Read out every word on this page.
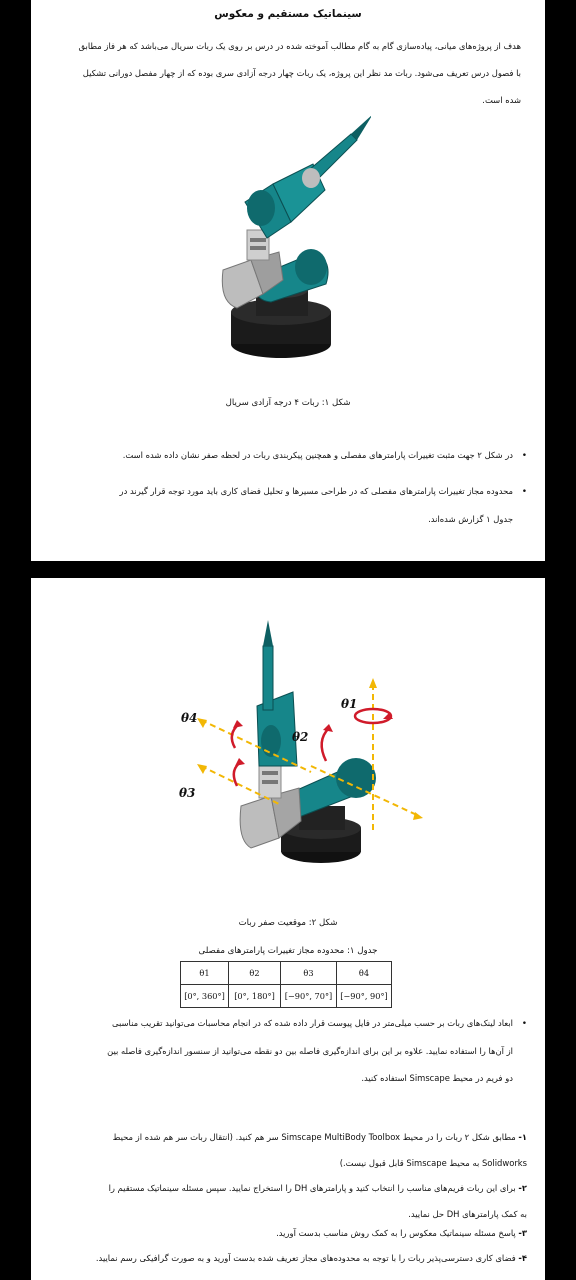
سینماتیک مستقیم و معکوس
هدف از پروژه‌های میانی، پیاده‌سازی گام به گام مطالب آموخته شده در درس بر روی یک ربات سریال می‌باشد که هر فاز مطابق
با فصول درس تعریف می‌شود. ربات مد نظر این پروژه، یک ربات چهار درجه آزادی سری بوده که از چهار مفصل دورانی تشکیل
شده است.
شکل ۱: ربات ۴ درجه آزادی سریال
•در شکل ۲ جهت مثبت تغییرات پارامترهای مفصلی و همچنین پیکربندی ربات در لحظه صفر نشان داده شده است.
•محدوده مجاز تغییرات پارامترهای مفصلی که در طراحی مسیرها و تحلیل فضای کاری باید مورد توجه قرار گیرند در
جدول ۱ گزارش شده‌اند.
θ1
θ2
θ3
θ4
شکل ۲: موقعیت صفر ربات
جدول ۱: محدوده مجاز تغییرات پارامترهای مفصلی
θ1	θ2	θ3	θ4
[0°, 360°]	[0°, 180°]	[−90°, 70°]	[−90°, 90°]
•ابعاد لینک‌های ربات بر حسب میلی‌متر در فایل پیوست قرار داده شده که در انجام محاسبات می‌توانید تقریب مناسبی
از آن‌ها را استفاده نمایید. علاوه بر این برای اندازه‌گیری فاصله بین دو نقطه می‌توانید از سنسور اندازه‌گیری فاصله بین
دو فریم در محیط Simscape استفاده کنید.
۱- مطابق شکل ۲ ربات را در محیط Simscape MultiBody Toolbox سر هم کنید. (انتقال ربات سر هم شده از محیط
Solidworks به محیط Simscape قابل قبول نیست.)
۲- برای این ربات فریم‌های مناسب را انتخاب کنید و پارامترهای DH را استخراج نمایید. سپس مسئله سینماتیک مستقیم را
به کمک پارامترهای DH حل نمایید.
۳- پاسخ مسئله سینماتیک معکوس را به کمک روش مناسب بدست آورید.
۴- فضای کاری دسترسی‌پذیر ربات را با توجه به محدوده‌های مجاز تعریف شده بدست آورید و به صورت گرافیکی رسم نمایید.
